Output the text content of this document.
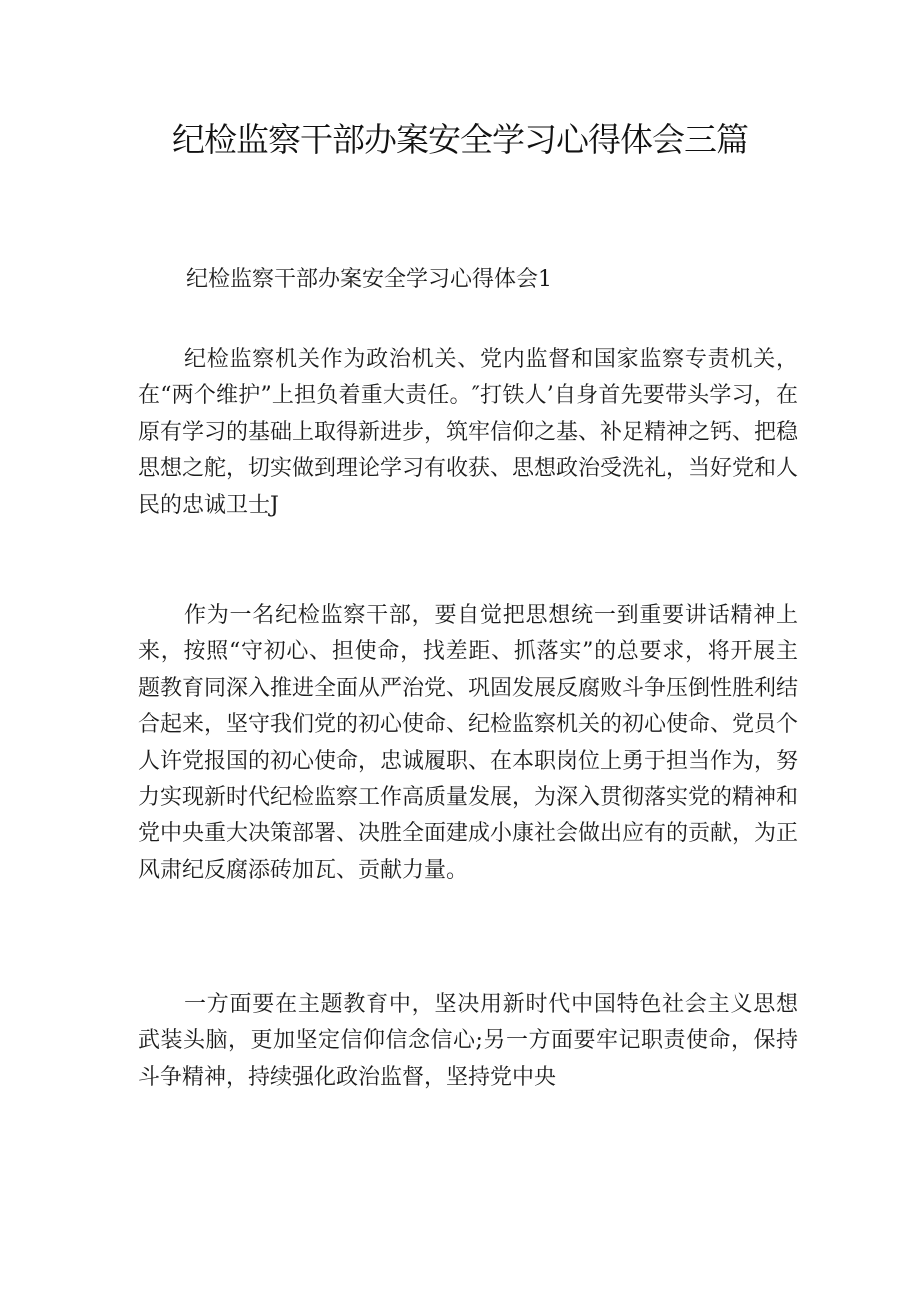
纪检监察干部办案安全学习心得体会三篇

纪检监察干部办案安全学习心得体会1

纪检监察机关作为政治机关、党内监督和国家监察专责机关，在“两个维护”上担负着重大责任。″打铁人’自身首先要带头学习，在原有学习的基础上取得新进步，筑牢信仰之基、补足精神之钙、把稳思想之舵，切实做到理论学习有收获、思想政治受洗礼，当好党和人民的忠诚卫士J

作为一名纪检监察干部，要自觉把思想统一到重要讲话精神上来，按照“守初心、担使命，找差距、抓落实”的总要求，将开展主题教育同深入推进全面从严治党、巩固发展反腐败斗争压倒性胜利结合起来，坚守我们党的初心使命、纪检监察机关的初心使命、党员个人许党报国的初心使命，忠诚履职、在本职岗位上勇于担当作为，努力实现新时代纪检监察工作高质量发展，为深入贯彻落实党的精神和党中央重大决策部署、决胜全面建成小康社会做出应有的贡献，为正风肃纪反腐添砖加瓦、贡献力量。

一方面要在主题教育中，坚决用新时代中国特色社会主义思想武装头脑，更加坚定信仰信念信心;另一方面要牢记职责使命，保持斗争精神，持续强化政治监督，坚持党中央
